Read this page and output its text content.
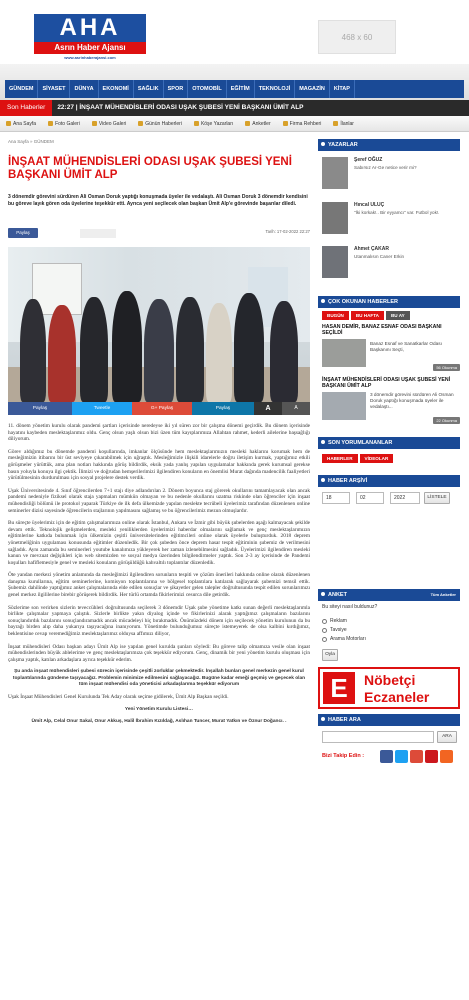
AHA
Asrın Haber Ajansı
www.asrinhaberajansi.com
468 x 60
GÜNDEM	SİYASET	DÜNYA	EKONOMİ	SAĞLIK	SPOR	OTOMOBİL	EĞİTİM	TEKNOLOJİ	MAGAZİN	KİTAP
Son Haberler	22:27 | İNŞAAT MÜHENDİSLERİ ODASI UŞAK ŞUBESİ YENİ BAŞKANI ÜMİT ALP
Ana Sayfa	Foto Galeri	Video Galeri	Günün Haberleri	Köşe Yazarları	Anketler	Firma Rehberi	İlanlar
Ana Sayfa » GÜNDEM
İNŞAAT MÜHENDİSLERİ ODASI UŞAK ŞUBESİ YENİ BAŞKANI ÜMİT ALP
3 dönemdir görevini sürdüren Ali Osman Doruk yaptığı konuşmada üyeler ile vedalaştı. Ali Osman Doruk 3 dönemdir kendisini bu göreve layık gören oda üyelerine teşekkür etti. Ayrıca yeni seçilecek olan başkan Ümit Alp'e görevinde başarılar diledi.
Paylaş	Tarih: 17-02-2022 22:27
Paylaş	Tweetle	G+ Paylaş	Paylaş	A	A

11. dönem yönetim kurulu olarak pandemi şartları içerisinde neredeyse iki yıl süren zor bir çalışma dönemi geçirdik. Bu dönem içerisinde hayatını kaybeden meslektaşlarımız oldu. Genç olsun yaşlı olsun bizi üzen tüm kayıplarımıza Allahtan rahmet, kederli ailelerine başsağlığı diliyorum.

Görev aldığımız bu dönemde pandemi koşullarında, imkanlar ölçüsünde hem meslektaşlarımızın mesleki haklarını korumak hem de mesleğimizin itibarını bir üst seviyeye çıkarabilmek için uğraştık. Mesleğimizle ilişkili idarelerle doğru iletişim kurmak, yaptığımız etkili görüşmeler yürüttük, ama plan notları hakkında görüş bildirdik, eksik yada yanlış yapılan uygulamalar hakkında gerek kurumsal gerekse basın yoluyla konuya ilgi çektik. İlimizi ve doğrudan hemşerilerimizi ilgilendiren konuların en önemlisi Murat dağında madencilik faaliyetleri yürütülmesinin durdurulması için sosyal projelere destek verdik.

Uşak Üniversitesinde 4. Sınıf öğrencilerden 7+1 stajı diye adlandırılan 2. Dönem boyunca staj görerek okullarını tamamlayacak olan ancak pandemi nedeniyle fiziksel olarak staja yapmaları mümkün olmayan ve bu nedenle okullarını uzatma riskinde olan öğrenciler için inşaat mühendisliği bölümü ile protokol yaparak Türkiye de ilk defa ülkemizde yapılan meslekte tecrübeli üyelerimiz tarafından düzenlenen online seminerler dizisi sayesinde öğrencilerin stajlarının yapılmasını sağlamış ve bu öğrencilerimiz mezun olmuşlardır.

Bu süreçte üyelerimiz için de eğitim çalışmalarımıza online olarak İstanbul, Ankara ve İzmir gibi büyük şubelerden aşağı kalmayacak şekilde devam ettik. Teknolojik gelişmelerden, mesleki yeniliklerden üyelerimizi haberdar olmalarını sağlamak ve genç meslektaşlarımızın eğitimlerine katkıda bulunmak için ülkemizin çeşitli üniversitelerinden eğitimcileri online olarak üyelerle buluşturduk. 2018 deprem yönetmeliğinin uygulaması konusunda eğitimler düzenledik. Bir çok şubeden önce deprem hasar tespit eğitiminin şubemiz de verilmesini sağladık. Aynı zamanda bu seminerleri youtube kanalımıza yükleyerek her zaman izlenebilmesini sağladık. Üyelerimizi ilgilendiren mesleki kanun ve mevzuat değişikleri için web sitemizden ve sosyal medya üzerinden bilgilendirmeler yaptık. Son 2-3 ay içerisinde de Pandemi koşulları hafiflemesiyle genel ve mesleki konuların görüşüldüğü kahvaltılı toplantılar düzenledik.

Öte yandan merkezi yönetim anlamında da mesleğimizi ilgilendiren sorunların tespiti ve çözüm önerileri hakkında online olarak düzenlenen danışma kurullarına, eğitim seminerlerine, komisyon toplantılarına ve bölgesel toplantılara katılarak sağlayarak şubemizi temsil ettik. Şubemiz dahilinde yaptığımız anket çalışmalarında elde edilen sonuçlar ve şikayetler gelen talepler doğrultusunda tespit edilen sorunlarımızı genel merkez ilgililerine birebir görüşerek bildirdik. Her türlü ortamda fikirlerimizi cesurca dile getirdik.

Sözlerime son verirken sizlerin teveccühleri doğrultusunda seçilerek 3 dönemdir Uşak şube yönetime katkı sunan değerli meslektaşlarımla birlikte çalışmalar yapmaya çalıştık. Sizlerle birlikte yakın diyalog içinde ve fikirlerinizi alarak yaptığımız çalışmaların bazılarını sonuçlandırdık bazılarını sonuçlandıramadık ancak mücadeleyi hiç bırakmadık. Önümüzdeki dönem için seçilecek yönetim kurulunun da bu bayrağı birden alıp daha yukarıya taşıyacağına inanıyorum. Yönetimde bulunduğumuz süreçte istemeyerek de olsa kalbini kırdığımız, beklentisine cevap veremediğimiz meslektaşlarımız olduysa affımızı diliyor,

İnşaat mühendisleri Odası başkan adayı Ümit Alp ise yapılan genel kurulda şunları söyledi: Bu göreve talip olmamıza vesile olan inşaat mühendislerinden büyük ablelerime ve genç meslektaşlarımıza çok teşekkür ediyorum. Genç, dinamik bir yeni yönetim kurulu oluşması için çalışma yaptık, katılan arkadaşlara ayrıca teşekkür ederim.

Şu anda inşaat mühendisleri şubesi sürecin içerisinde çeşitli zorluklar çekmektedir. İnşallah bunları genel merkezin genel kurul toplantılarında gündeme taşıyacağız. Problemin minimize edilmesini sağlayacağız. Bugüne kadar emeği geçmiş ve geçecek olan tüm inşaat mühendisi oda yöneticisi arkadaşlarıma teşekkür ediyorum

Uşak İnşaat Mühendisleri Genel Kurulunda Tek Aday olarak seçime gidilerek, Ümit Alp Başkan seçildi.

Yeni Yönetim Kurulu Listesi…

Ümit Alp, Celal Onur Sakal, Onur Akkuş, Halil İbrahim Kızıldağ, Aslıhan Tuncer, Murat Yatkın ve Öznur Doğancı. .

YAZARLAR
Şeref OĞUZ
Sabırsız Ar-Ge netice verir mi?
Hıncal ULUÇ
"İki korkak!.. Bir eyyamcı" var. Futbol yok!.
Ahmet ÇAKAR
Utanmalısın Caner Erkin
ÇOK OKUNAN HABERLER
BUGÜN	BU HAFTA	BU AY
HASAN DEMİR, BANAZ ESNAF ODASI BAŞKANI SEÇİLDİ
Banaz Esnaf ve Sanatkarlar Odası Başkanını Seçti,
56 Okunma
İNŞAAT MÜHENDİSLERİ ODASI UŞAK ŞUBESİ YENİ BAŞKANI ÜMİT ALP
3 dönemdir görevini sürdüren Ali Osman Doruk yaptığı konuşmada üyeler ile vedalaştı...
22 Okunma
SON YORUMLANANLAR
HABERLER	VİDEOLAR
HABER ARŞİVİ
18	02	2022	LİSTELE
ANKET	Tüm Anketler
Bu siteyi nasıl buldunuz?
Reklam
Tavsiye
Arama Motorları
Oyla
E	Nöbetçi
Eczaneler
HABER ARA
ARA
Bizi Takip Edin :
